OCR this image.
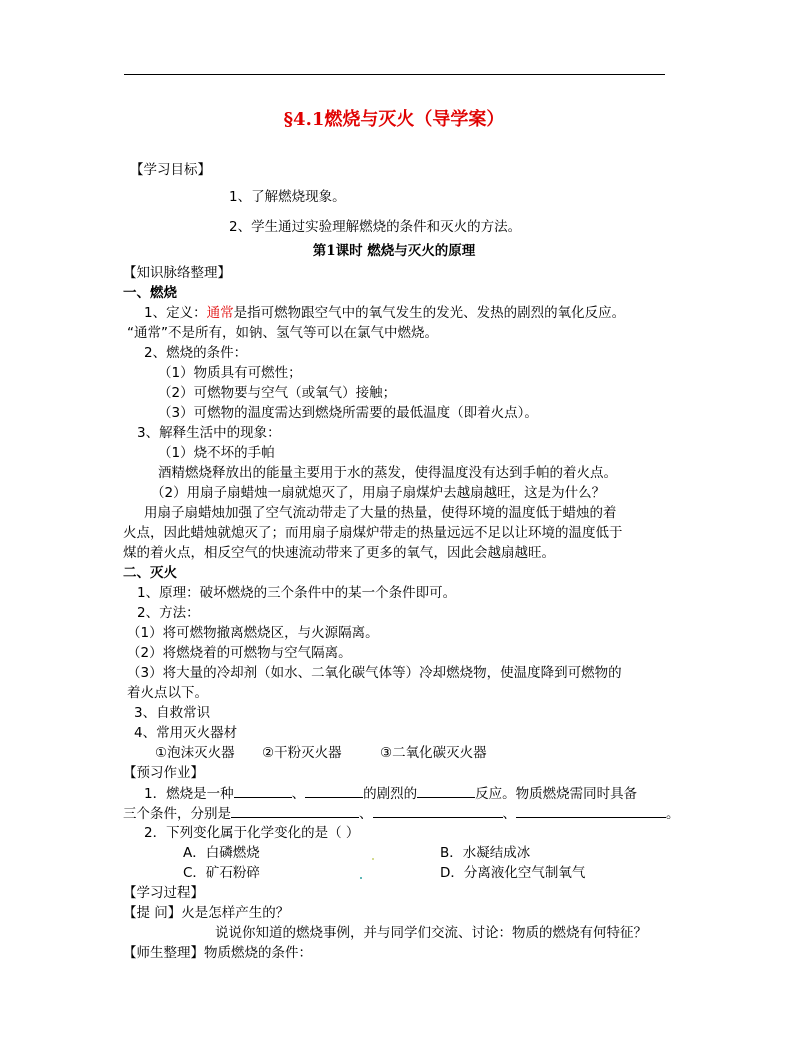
§4.1燃烧与灭火（导学案）
【学习目标】
1、了解燃烧现象。
2、学生通过实验理解燃烧的条件和灭火的方法。
第1课时 燃烧与灭火的原理
【知识脉络整理】
一、燃烧
1、定义：通常是指可燃物跟空气中的氧气发生的发光、发热的剧烈的氧化反应。
“通常”不是所有，如钠、氢气等可以在氯气中燃烧。
2、燃烧的条件：
（1）物质具有可燃性；
（2）可燃物要与空气（或氧气）接触；
（3）可燃物的温度需达到燃烧所需要的最低温度（即着火点）。
3、解释生活中的现象：
（1）烧不坏的手帕
酒精燃烧释放出的能量主要用于水的蒸发，使得温度没有达到手帕的着火点。
（2）用扇子扇蜡烛一扇就熄灭了，用扇子扇煤炉去越扇越旺，这是为什么？
用扇子扇蜡烛加强了空气流动带走了大量的热量，使得环境的温度低于蜡烛的着
火点，因此蜡烛就熄灭了；而用扇子扇煤炉带走的热量远远不足以让环境的温度低于
煤的着火点，相反空气的快速流动带来了更多的氧气，因此会越扇越旺。
二、灭火
1、原理：破坏燃烧的三个条件中的某一个条件即可。
2、方法：
（1）将可燃物撤离燃烧区，与火源隔离。
（2）将燃烧着的可燃物与空气隔离。
（3）将大量的冷却剂（如水、二氧化碳气体等）冷却燃烧物，使温度降到可燃物的
着火点以下。
3、自救常识
4、常用灭火器材
①泡沫灭火器 ②干粉灭火器	③二氧化碳灭火器
【预习作业】
1．燃烧是一种	、	的剧烈的	反应。物质燃烧需同时具备
三个条件，分别是	、	、	。
2．下列变化属于化学变化的是（ ）
A．白磷燃烧	B．水凝结成冰
C．矿石粉碎	D．分离液化空气制氧气
【学习过程】
【提 问】火是怎样产生的？
说说你知道的燃烧事例，并与同学们交流、讨论：物质的燃烧有何特征？
【师生整理】物质燃烧的条件：
